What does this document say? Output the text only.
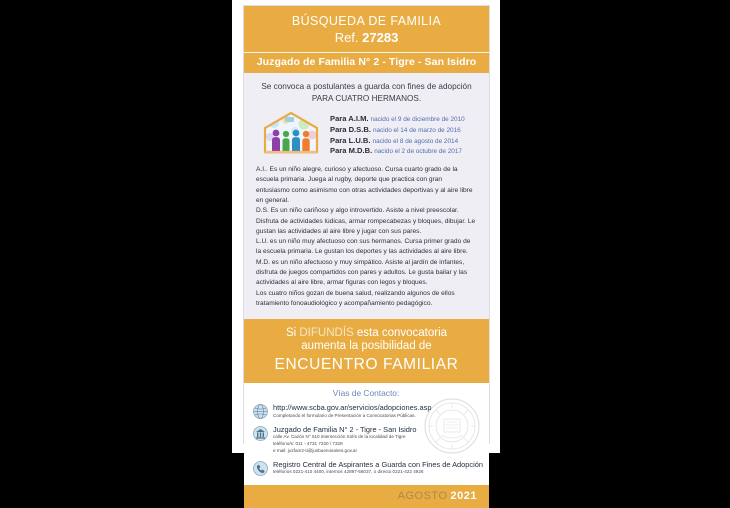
BÚSQUEDA DE FAMILIA
Ref. 27283
Juzgado de Familia N° 2 - Tigre - San Isidro
Se convoca a postulantes a guarda con fines de adopción
PARA CUATRO HERMANOS.
Para A.I.M. nacido el 9 de diciembre de 2010
Para D.S.B. nacido el 14 de marzo de 2016
Para L.U.B. nacido el 8 de agosto de 2014
Para M.D.B. nacido el 2 de octubre de 2017

A.I.. Es un niño alegre, curioso y afectuoso. Cursa cuarto grado de la escuela primaria. Juega al rugby, deporte que practica con gran entusiasmo como asimismo con otras actividades deportivas y al aire libre en general.

D.S. Es un niño cariñoso y algo introvertido. Asiste a nivel preescolar. Disfruta de actividades lúdicas, armar rompecabezas y bloques, dibujar. Le gustan las actividades al aire libre y jugar con sus pares.

L.U. es un niño muy afectuoso con sus hermanos. Cursa primer grado de la escuela primaria. Le gustan los deportes y las actividades al aire libre.

M.D. es un niño afectuoso y muy simpático. Asiste al jardín de infantes, disfruta de juegos compartidos con pares y adultos. Le gusta bailar y las actividades al aire libre, armar figuras con legos y bloques.

Los cuatro niños gozan de buena salud, realizando algunos de ellos tratamiento fonoaudiológico y acompañamiento pedagógico.

Si DIFUNDÍS esta convocatoria
aumenta la posibilidad de
ENCUENTRO FAMILIAR
Vías de Contacto:
http://www.scba.gov.ar/servicios/adopciones.asp
Completando el formulario de Presentación a Convocatorias Públicas.
Juzgado de Familia N° 2 - Tigre - San Isidro
calle Av. Cazón N° 510 intersección Solís de la localidad de Tigre
teléfono/s: 011 - 4731 7320 / 7328
e mail: juzfam2-ti@jusbuenosaires.gov.ar
Registro Central de Aspirantes a Guarda con Fines de Adopción
teléfonos 0221-410 4400, internos 42897-56037, o directo 0221-422 4926
AGOSTO 2021
